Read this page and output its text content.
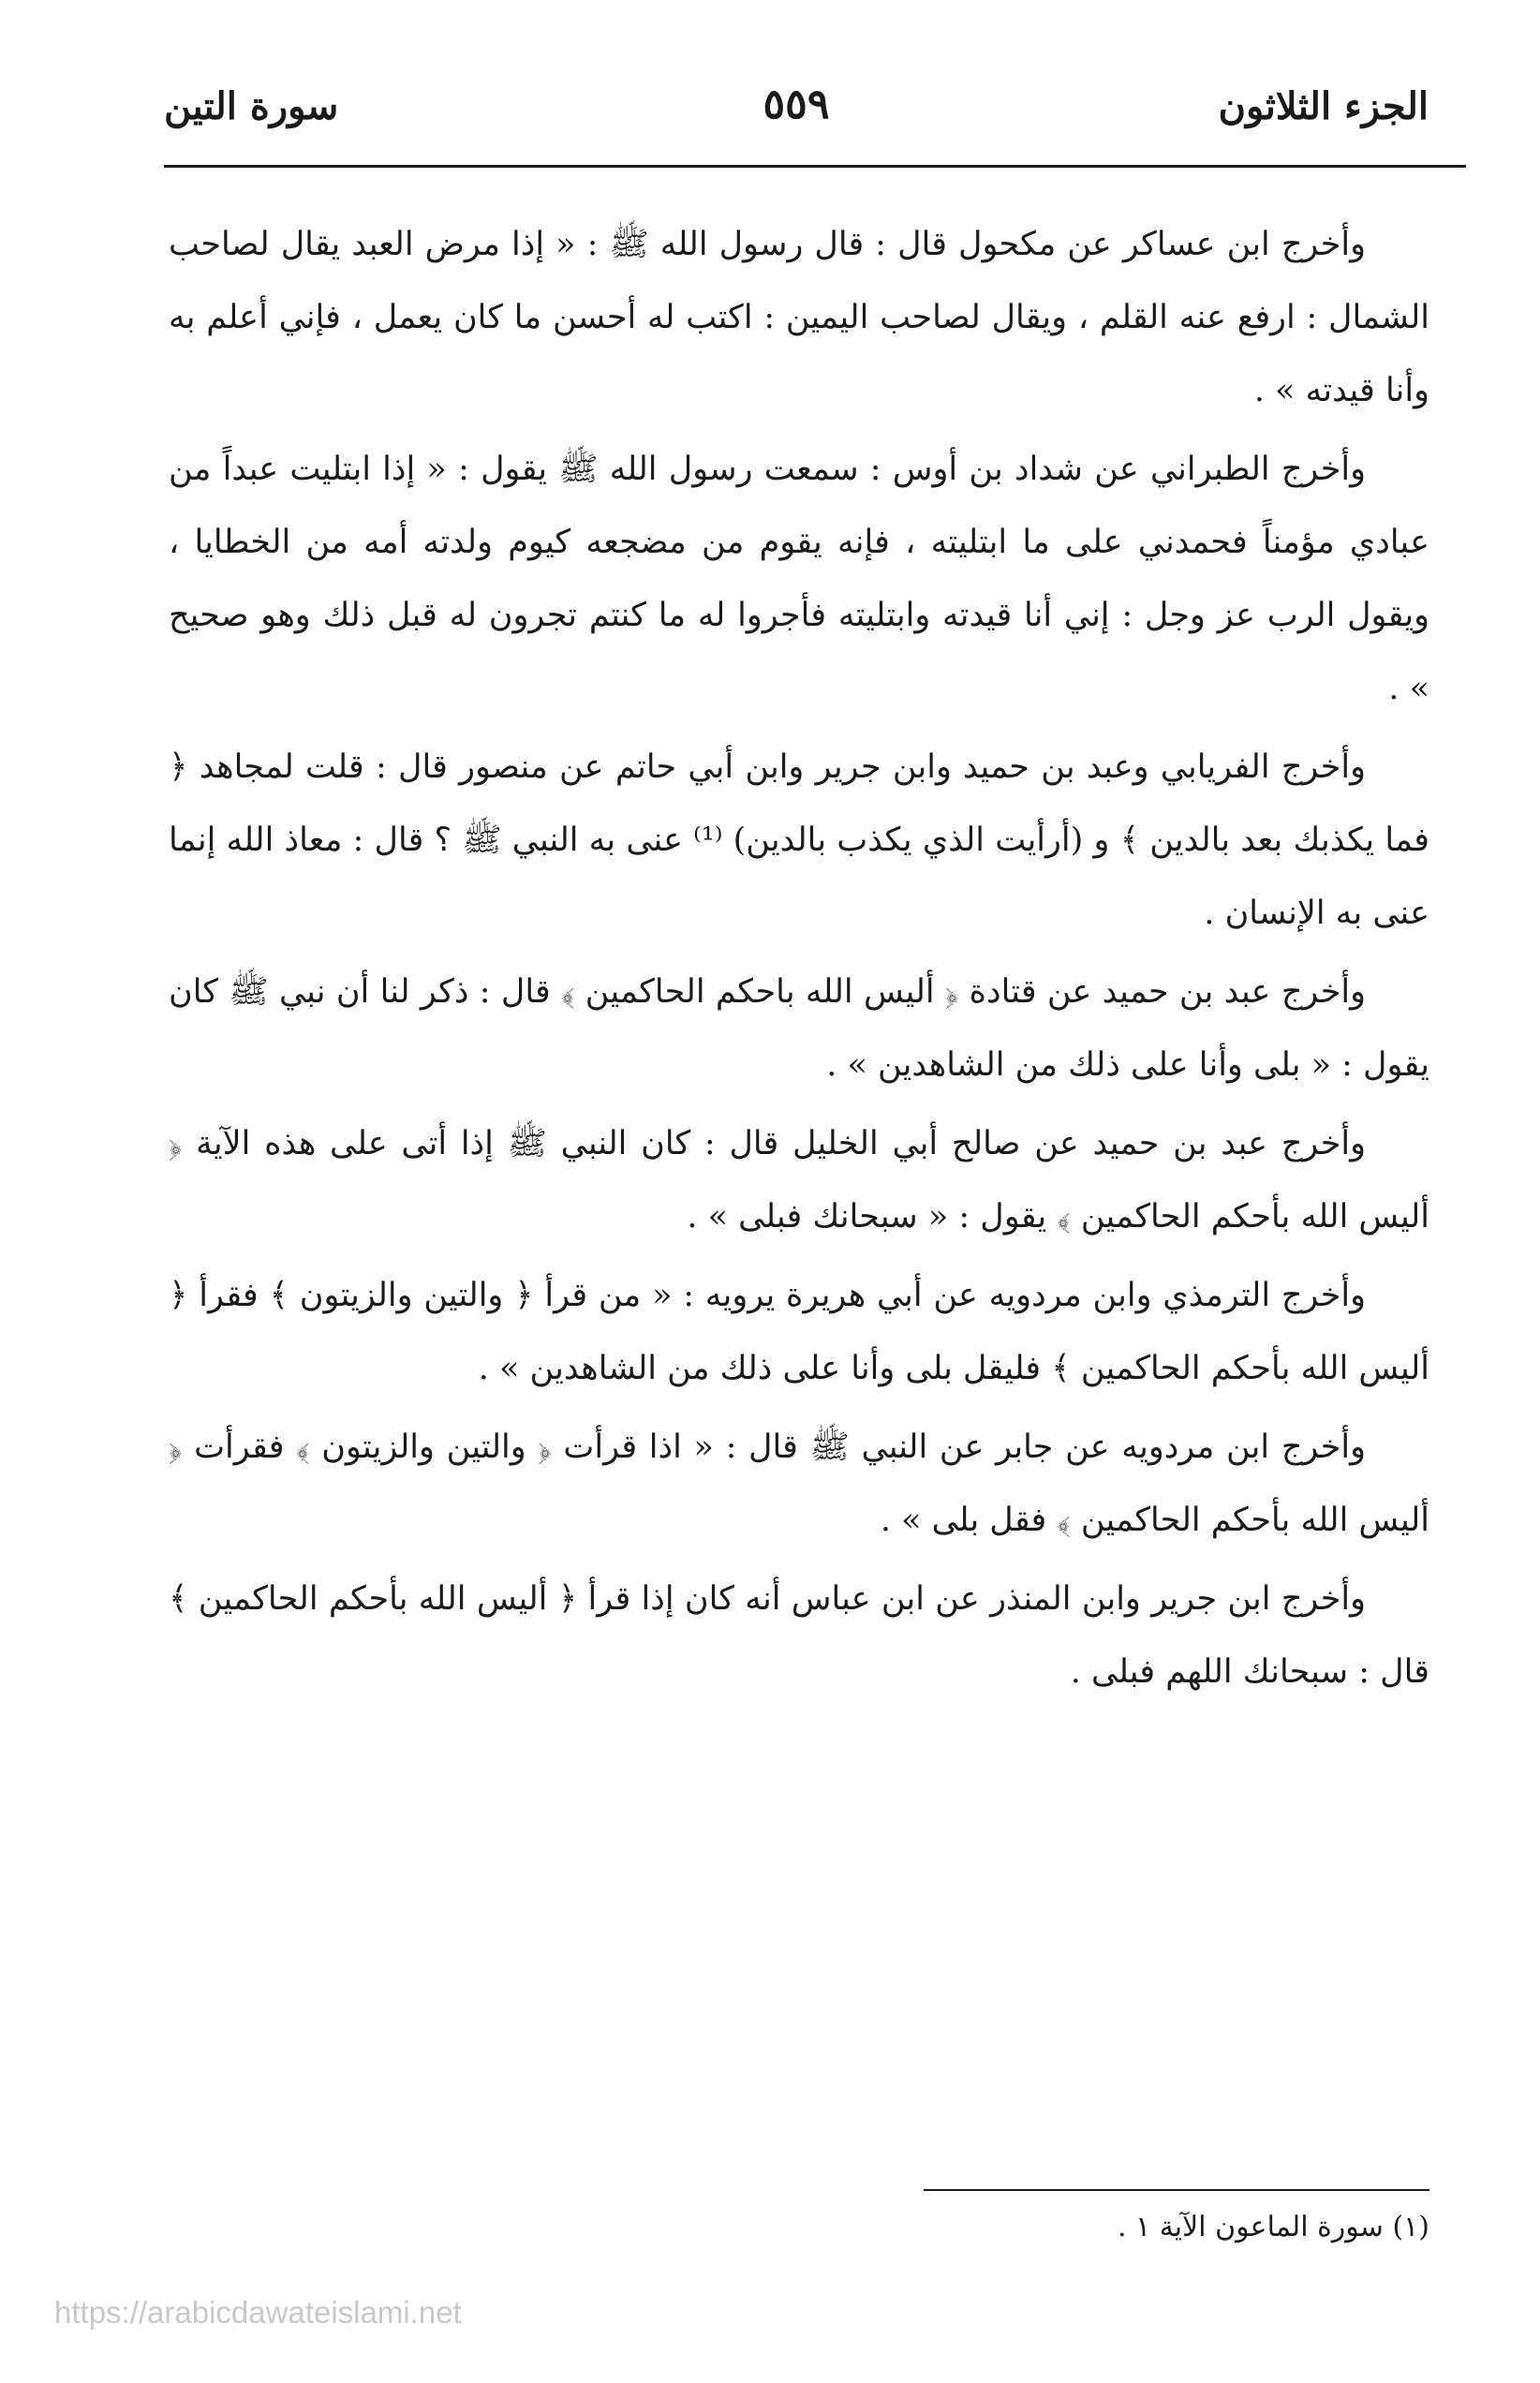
الجزء الثلاثون
٥٥٩
سورة التين

وأخرج ابن عساكر عن مكحول قال : قال رسول الله ﷺ : « إذا مرض العبد يقال لصاحب الشمال : ارفع عنه القلم ، ويقال لصاحب اليمين : اكتب له أحسن ما كان يعمل ، فإني أعلم به وأنا قيدته » .

وأخرج الطبراني عن شداد بن أوس : سمعت رسول الله ﷺ يقول : « إذا ابتليت عبداً من عبادي مؤمناً فحمدني على ما ابتليته ، فإنه يقوم من مضجعه كيوم ولدته أمه من الخطايا ، ويقول الرب عز وجل : إني أنا قيدته وابتليته فأجروا له ما كنتم تجرون له قبل ذلك وهو صحيح » .

وأخرج الفريابي وعبد بن حميد وابن جرير وابن أبي حاتم عن منصور قال : قلت لمجاهد ﴿ فما يكذبك بعد بالدين ﴾ و (أرأيت الذي يكذب بالدين) ⁽¹⁾ عنى به النبي ﷺ ؟ قال : معاذ الله إنما عنى به الإنسان .

وأخرج عبد بن حميد عن قتادة ﴿ أليس الله باحكم الحاكمين ﴾ قال : ذكر لنا أن نبي ﷺ كان يقول : « بلى وأنا على ذلك من الشاهدين » .

وأخرج عبد بن حميد عن صالح أبي الخليل قال : كان النبي ﷺ إذا أتى على هذه الآية ﴿ أليس الله بأحكم الحاكمين ﴾ يقول : « سبحانك فبلى » .

وأخرج الترمذي وابن مردويه عن أبي هريرة يرويه : « من قرأ ﴿ والتين والزيتون ﴾ فقرأ ﴿ أليس الله بأحكم الحاكمين ﴾ فليقل بلى وأنا على ذلك من الشاهدين » .

وأخرج ابن مردويه عن جابر عن النبي ﷺ قال : « اذا قرأت ﴿ والتين والزيتون ﴾ فقرأت ﴿ أليس الله بأحكم الحاكمين ﴾ فقل بلى » .

وأخرج ابن جرير وابن المنذر عن ابن عباس أنه كان إذا قرأ ﴿ أليس الله بأحكم الحاكمين ﴾ قال : سبحانك اللهم فبلى .

(١) سورة الماعون الآية ١ .
https://arabicdawateislami.net
